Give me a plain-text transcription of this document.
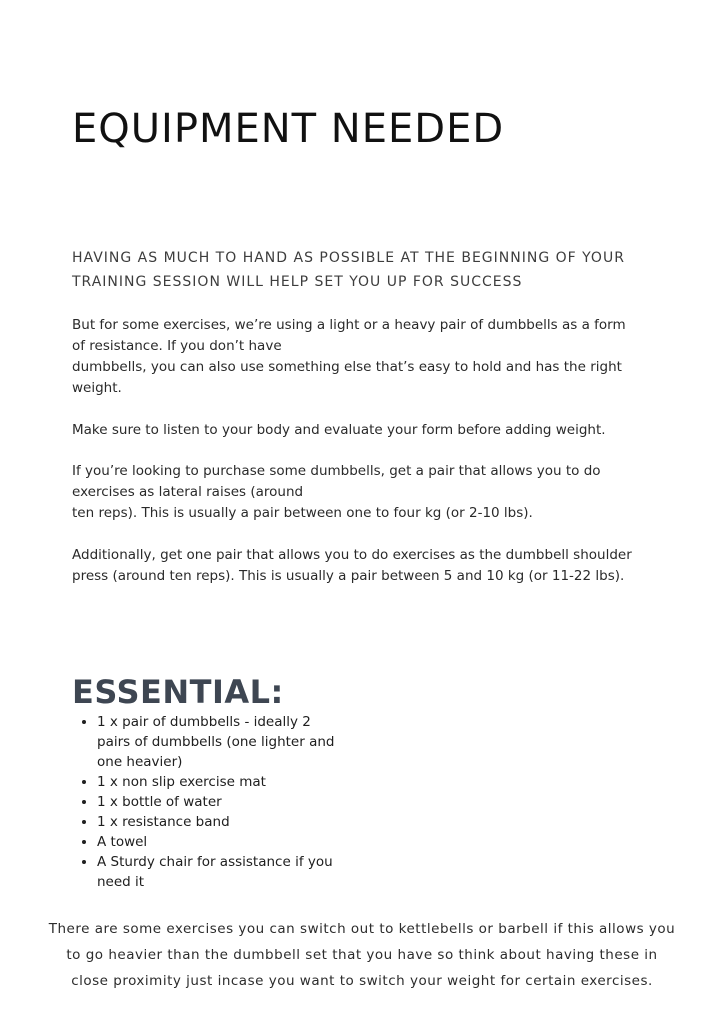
EQUIPMENT NEEDED
HAVING AS MUCH TO HAND AS POSSIBLE AT THE BEGINNING OF YOUR TRAINING SESSION WILL HELP SET YOU UP FOR SUCCESS
But for some exercises, we’re using a light or a heavy pair of dumbbells as a form of resistance. If you don’t have
dumbbells, you can also use something else that’s easy to hold and has the right weight.
Make sure to listen to your body and evaluate your form before adding weight.
If you’re looking to purchase some dumbbells, get a pair that allows you to do exercises as lateral raises (around
ten reps). This is usually a pair between one to four kg (or 2-10 lbs).
Additionally, get one pair that allows you to do exercises as the dumbbell shoulder press (around ten reps). This is usually a pair between 5 and 10 kg (or 11-22 lbs).
ESSENTIAL:
• 1 x pair of dumbbells - ideally 2 pairs of dumbbells (one lighter and one heavier)
• 1 x non slip exercise mat
• 1 x bottle of water
• 1 x resistance band
• A towel
• A Sturdy chair for assistance if you need it
There are some exercises you can switch out to kettlebells or barbell if this allows you to go heavier than the dumbbell set that you have so think about having these in close proximity just incase you want to switch your weight for certain exercises.
